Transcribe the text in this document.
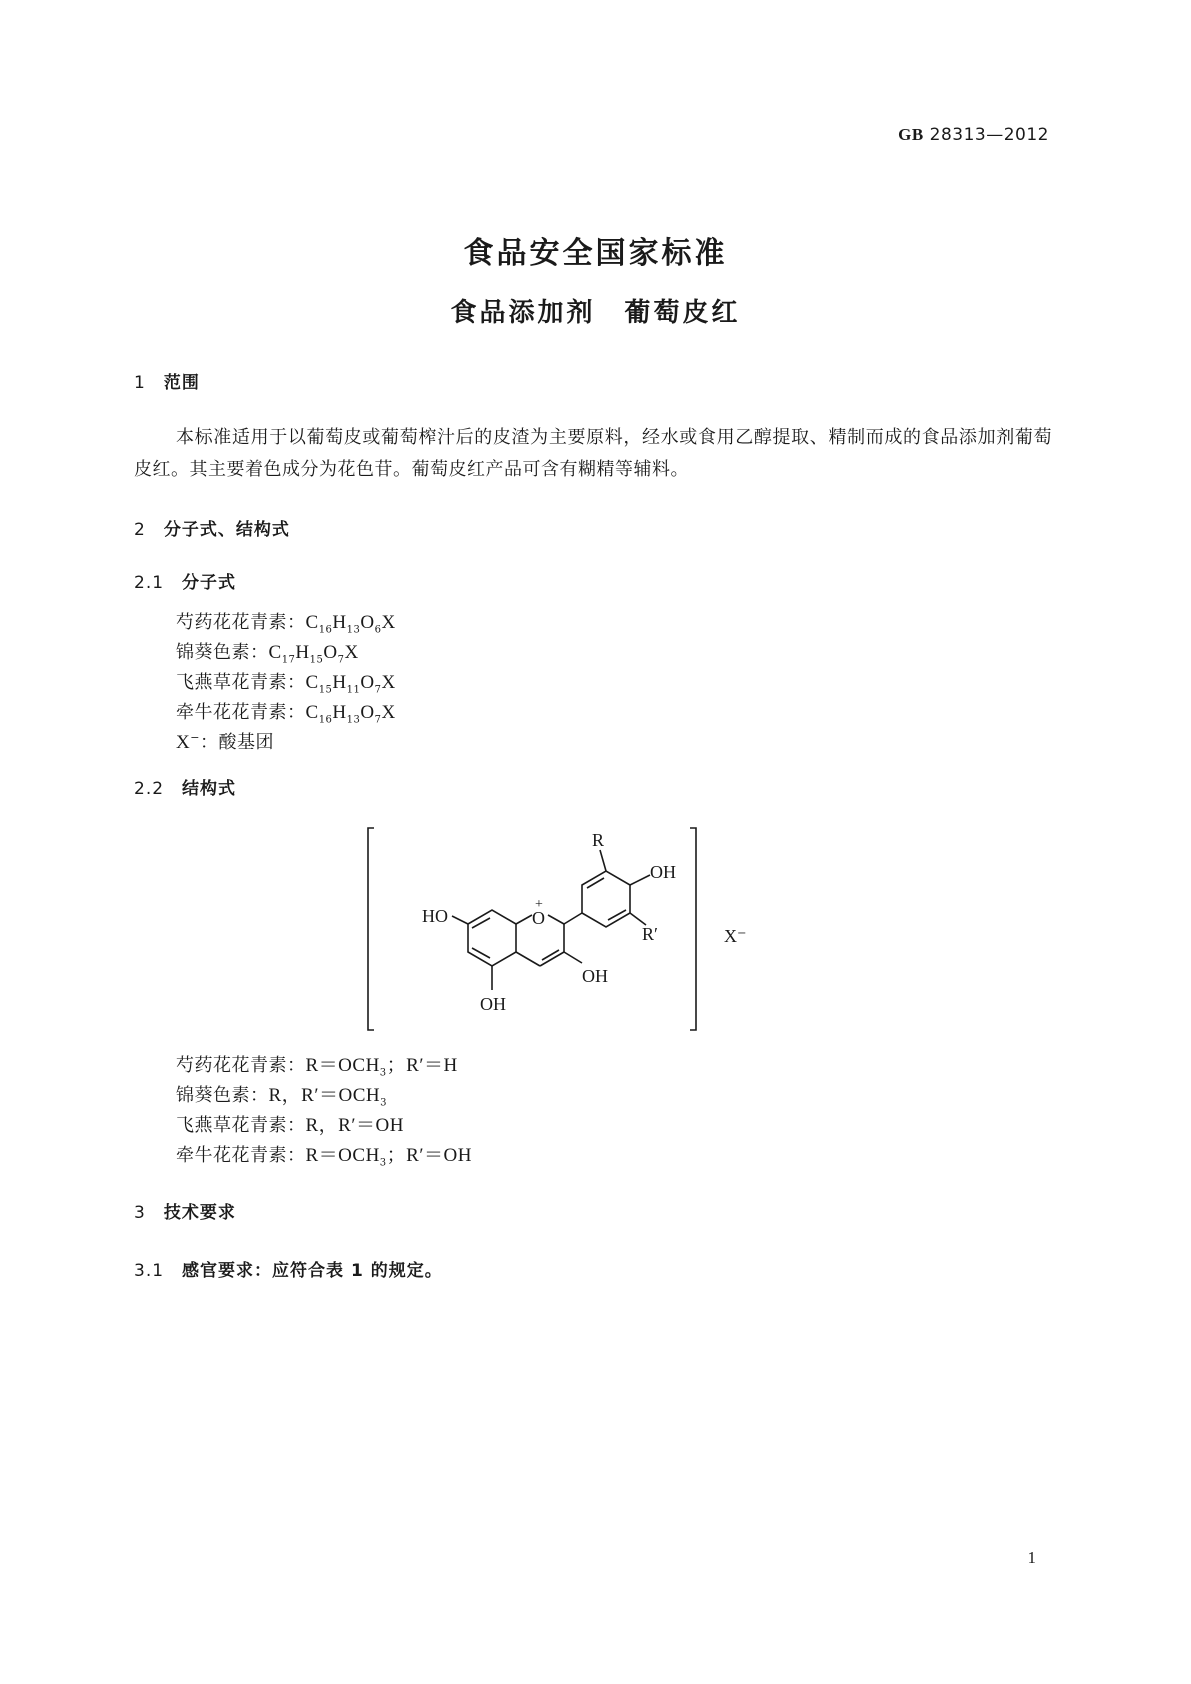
GB 28313—2012
食品安全国家标准
食品添加剂　葡萄皮红
1 范围
本标准适用于以葡萄皮或葡萄榨汁后的皮渣为主要原料，经水或食用乙醇提取、精制而成的食品添加剂葡萄皮红。其主要着色成分为花色苷。葡萄皮红产品可含有糊精等辅料。
2 分子式、结构式
2.1 分子式
芍药花花青素：$C_{16}H_{13}O_6X$
锦葵色素：$C_{17}H_{15}O_7X$
飞燕草花青素：$C_{15}H_{11}O_7X$
牵牛花花青素：$C_{16}H_{13}O_7X$
X−：酸基团
2.2 结构式
HO	O
+
OH
OH
R
OH
R′	X⁻
芍药花花青素：$R=OCH_3$；R′＝H
锦葵色素：R，$R'=OCH_3$
飞燕草花青素：R，R′＝OH
牵牛花花青素：$R=OCH_3$；R′＝OH
3 技术要求
3.1 感官要求：应符合表 1 的规定。
1
